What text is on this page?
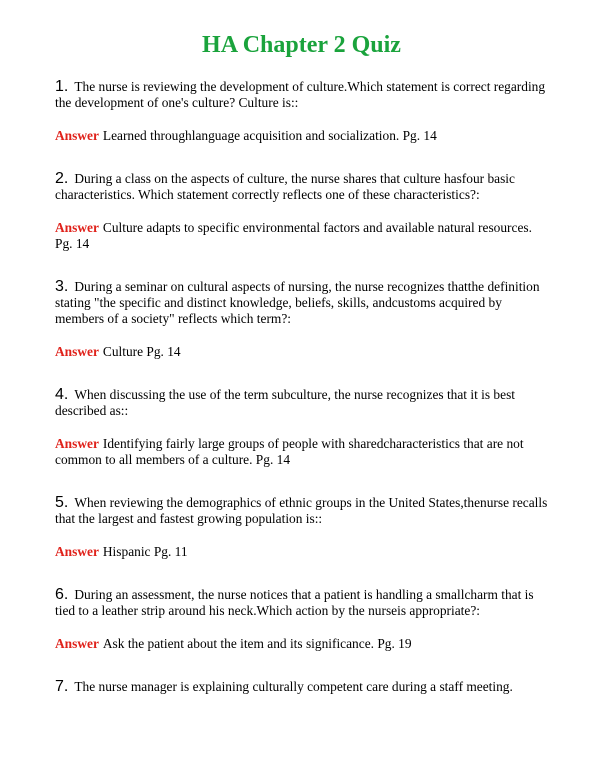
HA Chapter 2 Quiz

1. The nurse is reviewing the development of culture.Which statement is correct regarding the development of one's culture? Culture is::

Answer Learned throughlanguage acquisition and socialization. Pg. 14

2. During a class on the aspects of culture, the nurse shares that culture hasfour basic characteristics. Which statement correctly reflects one of these characteristics?:

Answer Culture adapts to specific environmental factors and available natural resources. Pg. 14

3. During a seminar on cultural aspects of nursing, the nurse recognizes thatthe definition stating "the specific and distinct knowledge, beliefs, skills, andcustoms acquired by members of a society" reflects which term?:

Answer Culture Pg. 14

4. When discussing the use of the term subculture, the nurse recognizes that it is best described as::

Answer Identifying fairly large groups of people with sharedcharacteristics that are not common to all members of a culture. Pg. 14

5. When reviewing the demographics of ethnic groups in the United States,thenurse recalls that the largest and fastest growing population is::

Answer Hispanic Pg. 11

6. During an assessment, the nurse notices that a patient is handling a smallcharm that is tied to a leather strip around his neck.Which action by the nurseis appropriate?:

Answer Ask the patient about the item and its significance. Pg. 19

7. The nurse manager is explaining culturally competent care during a staff meeting.
